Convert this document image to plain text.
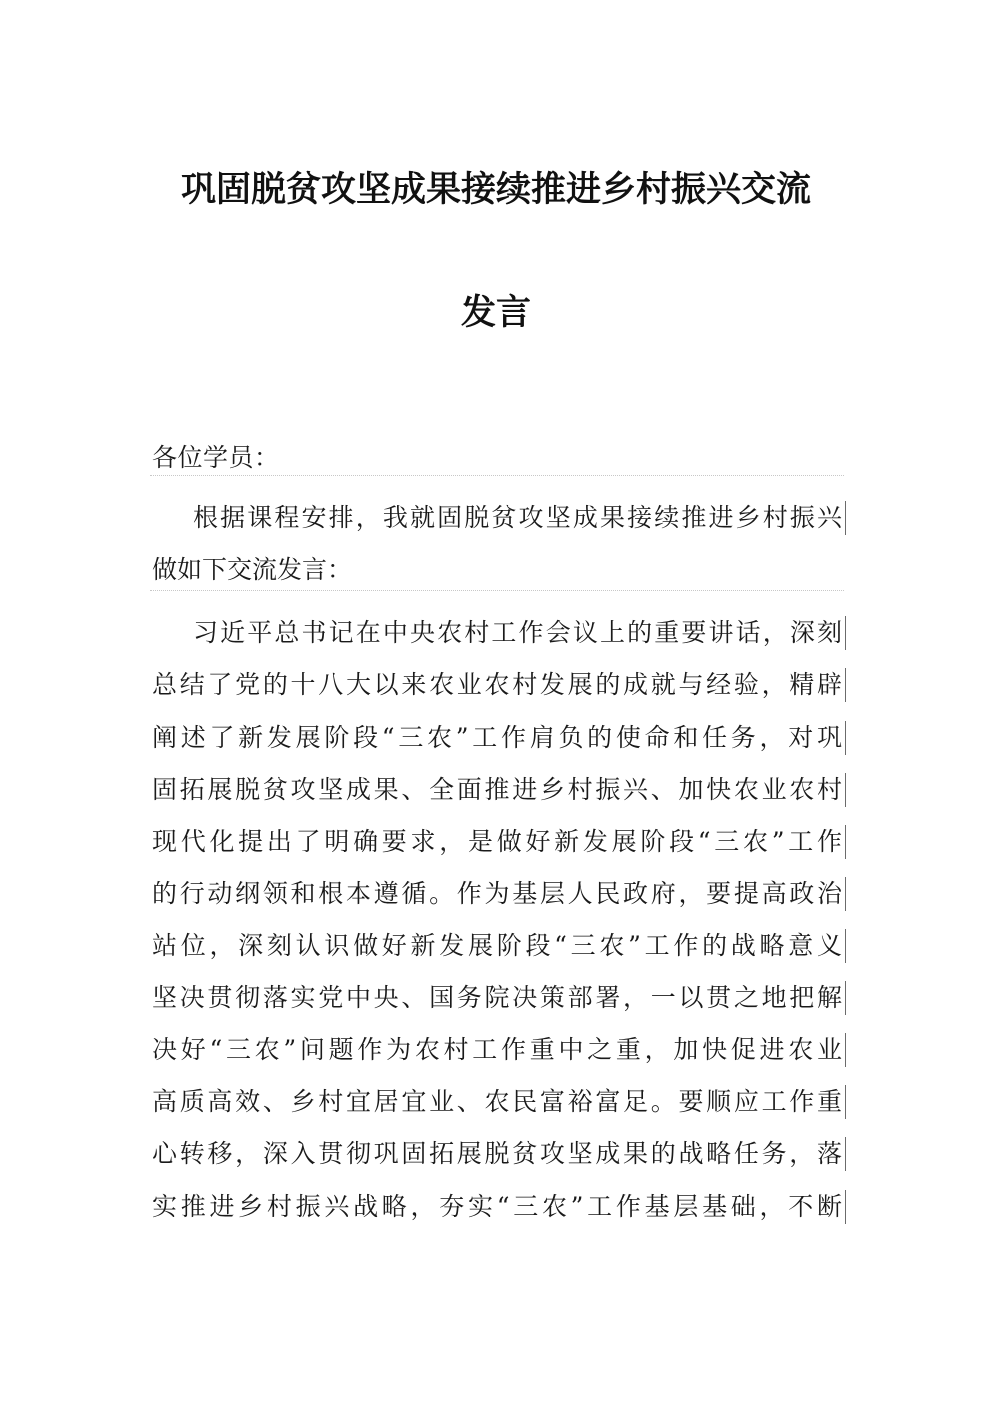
巩固脱贫攻坚成果接续推进乡村振兴交流
发言
各位学员：
根据课程安排，我就固脱贫攻坚成果接续推进乡村振兴
做如下交流发言：
习近平总书记在中央农村工作会议上的重要讲话，深刻
总结了党的十八大以来农业农村发展的成就与经验，精辟
阐述了新发展阶段“三农”工作肩负的使命和任务，对巩
固拓展脱贫攻坚成果、全面推进乡村振兴、加快农业农村
现代化提出了明确要求，是做好新发展阶段“三农”工作
的行动纲领和根本遵循。作为基层人民政府，要提高政治
站位，深刻认识做好新发展阶段“三农”工作的战略意义
坚决贯彻落实党中央、国务院决策部署，一以贯之地把解
决好“三农”问题作为农村工作重中之重，加快促进农业
高质高效、乡村宜居宜业、农民富裕富足。要顺应工作重
心转移，深入贯彻巩固拓展脱贫攻坚成果的战略任务，落
实推进乡村振兴战略，夯实“三农”工作基层基础，不断
